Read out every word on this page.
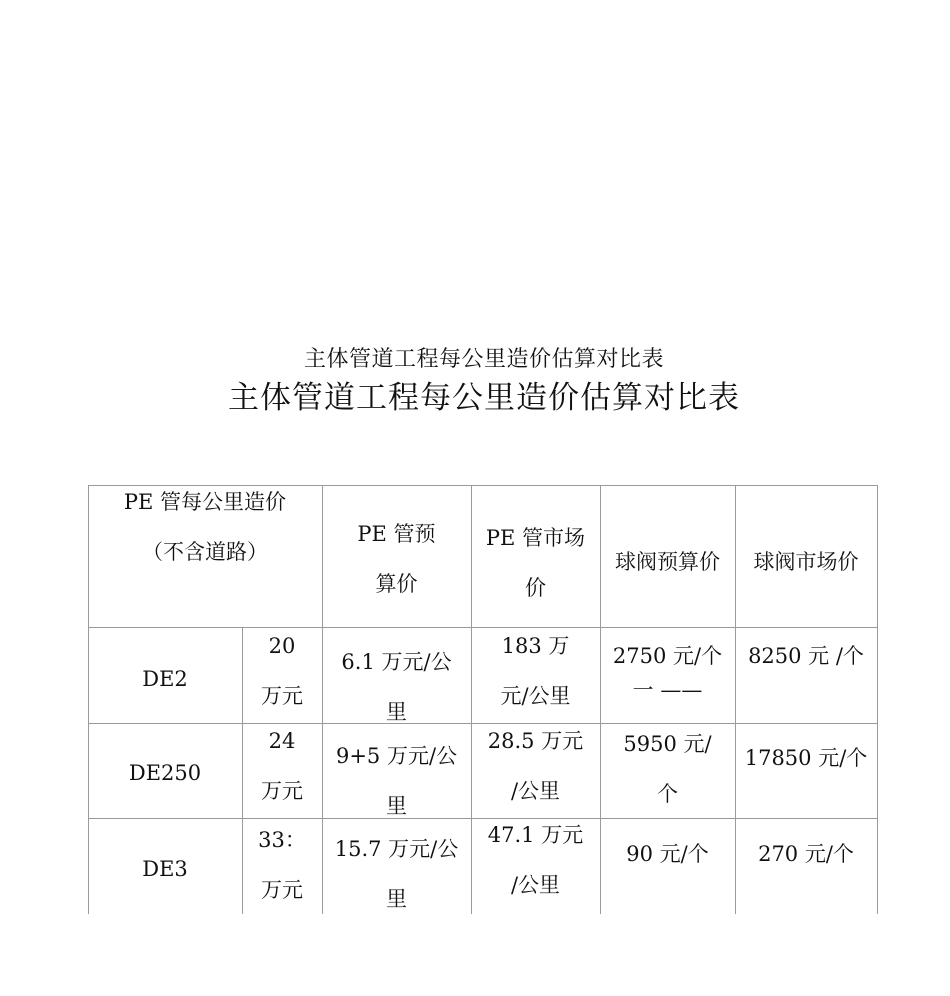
主体管道工程每公里造价估算对比表
主体管道工程每公里造价估算对比表
PE 管每公里造价
（不含道路）
PE 管预
算价
PE 管市场
价
球阀预算价	球阀市场价
DE2
20
万元
6.1 万元/公
里
183 万
元/公里
2750 元/个
一 ——
8250 元 /个
DE250
24
万元
9+5 万元/公
里
28.5 万元
/公里
5950 元/
个
17850 元/个
DE3
33：
万元
15.7 万元/公
里
47.1 万元
/公里
90 元/个	270 元/个
